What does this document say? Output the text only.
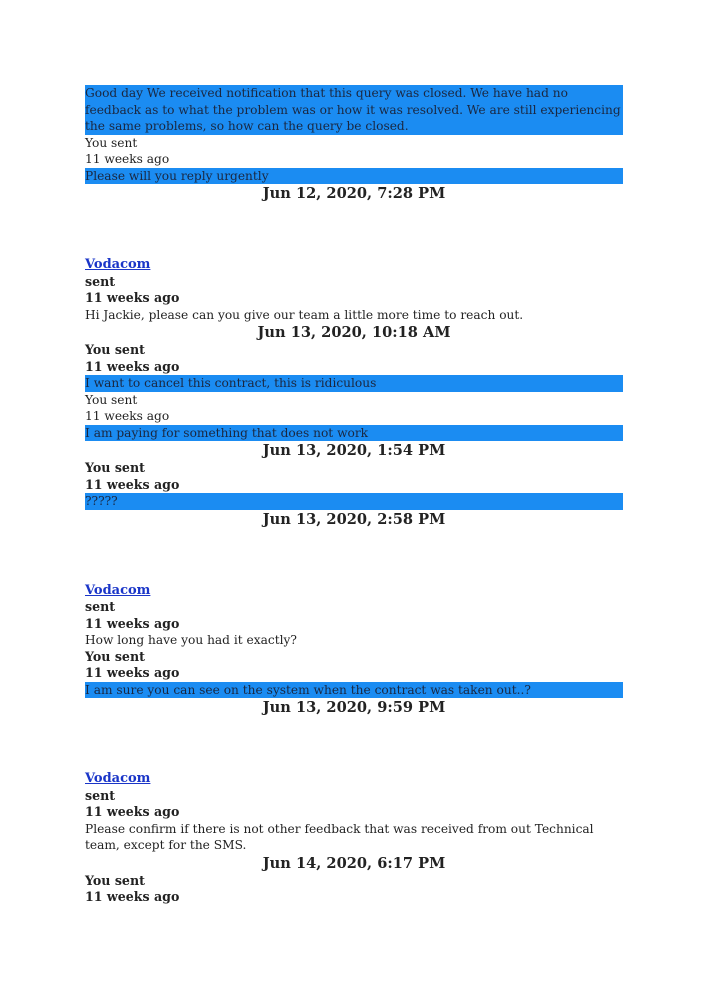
Good day We received notification that this query was closed. We have had no feedback as to what the problem was or how it was resolved. We are still experiencing the same problems, so how can the query be closed.
You sent
11 weeks ago
Please will you reply urgently
Jun 12, 2020, 7:28 PM
Vodacom
sent
11 weeks ago
Hi Jackie, please can you give our team a little more time to reach out.
Jun 13, 2020, 10:18 AM
You sent
11 weeks ago
I want to cancel this contract, this is ridiculous
You sent
11 weeks ago
I am paying for something that does not work
Jun 13, 2020, 1:54 PM
You sent
11 weeks ago
?????
Jun 13, 2020, 2:58 PM
Vodacom
sent
11 weeks ago
How long have you had it exactly?
You sent
11 weeks ago
I am sure you can see on the system when the contract was taken out..?
Jun 13, 2020, 9:59 PM
Vodacom
sent
11 weeks ago
Please confirm if there is not other feedback that was received from out Technical team, except for the SMS.
Jun 14, 2020, 6:17 PM
You sent
11 weeks ago
